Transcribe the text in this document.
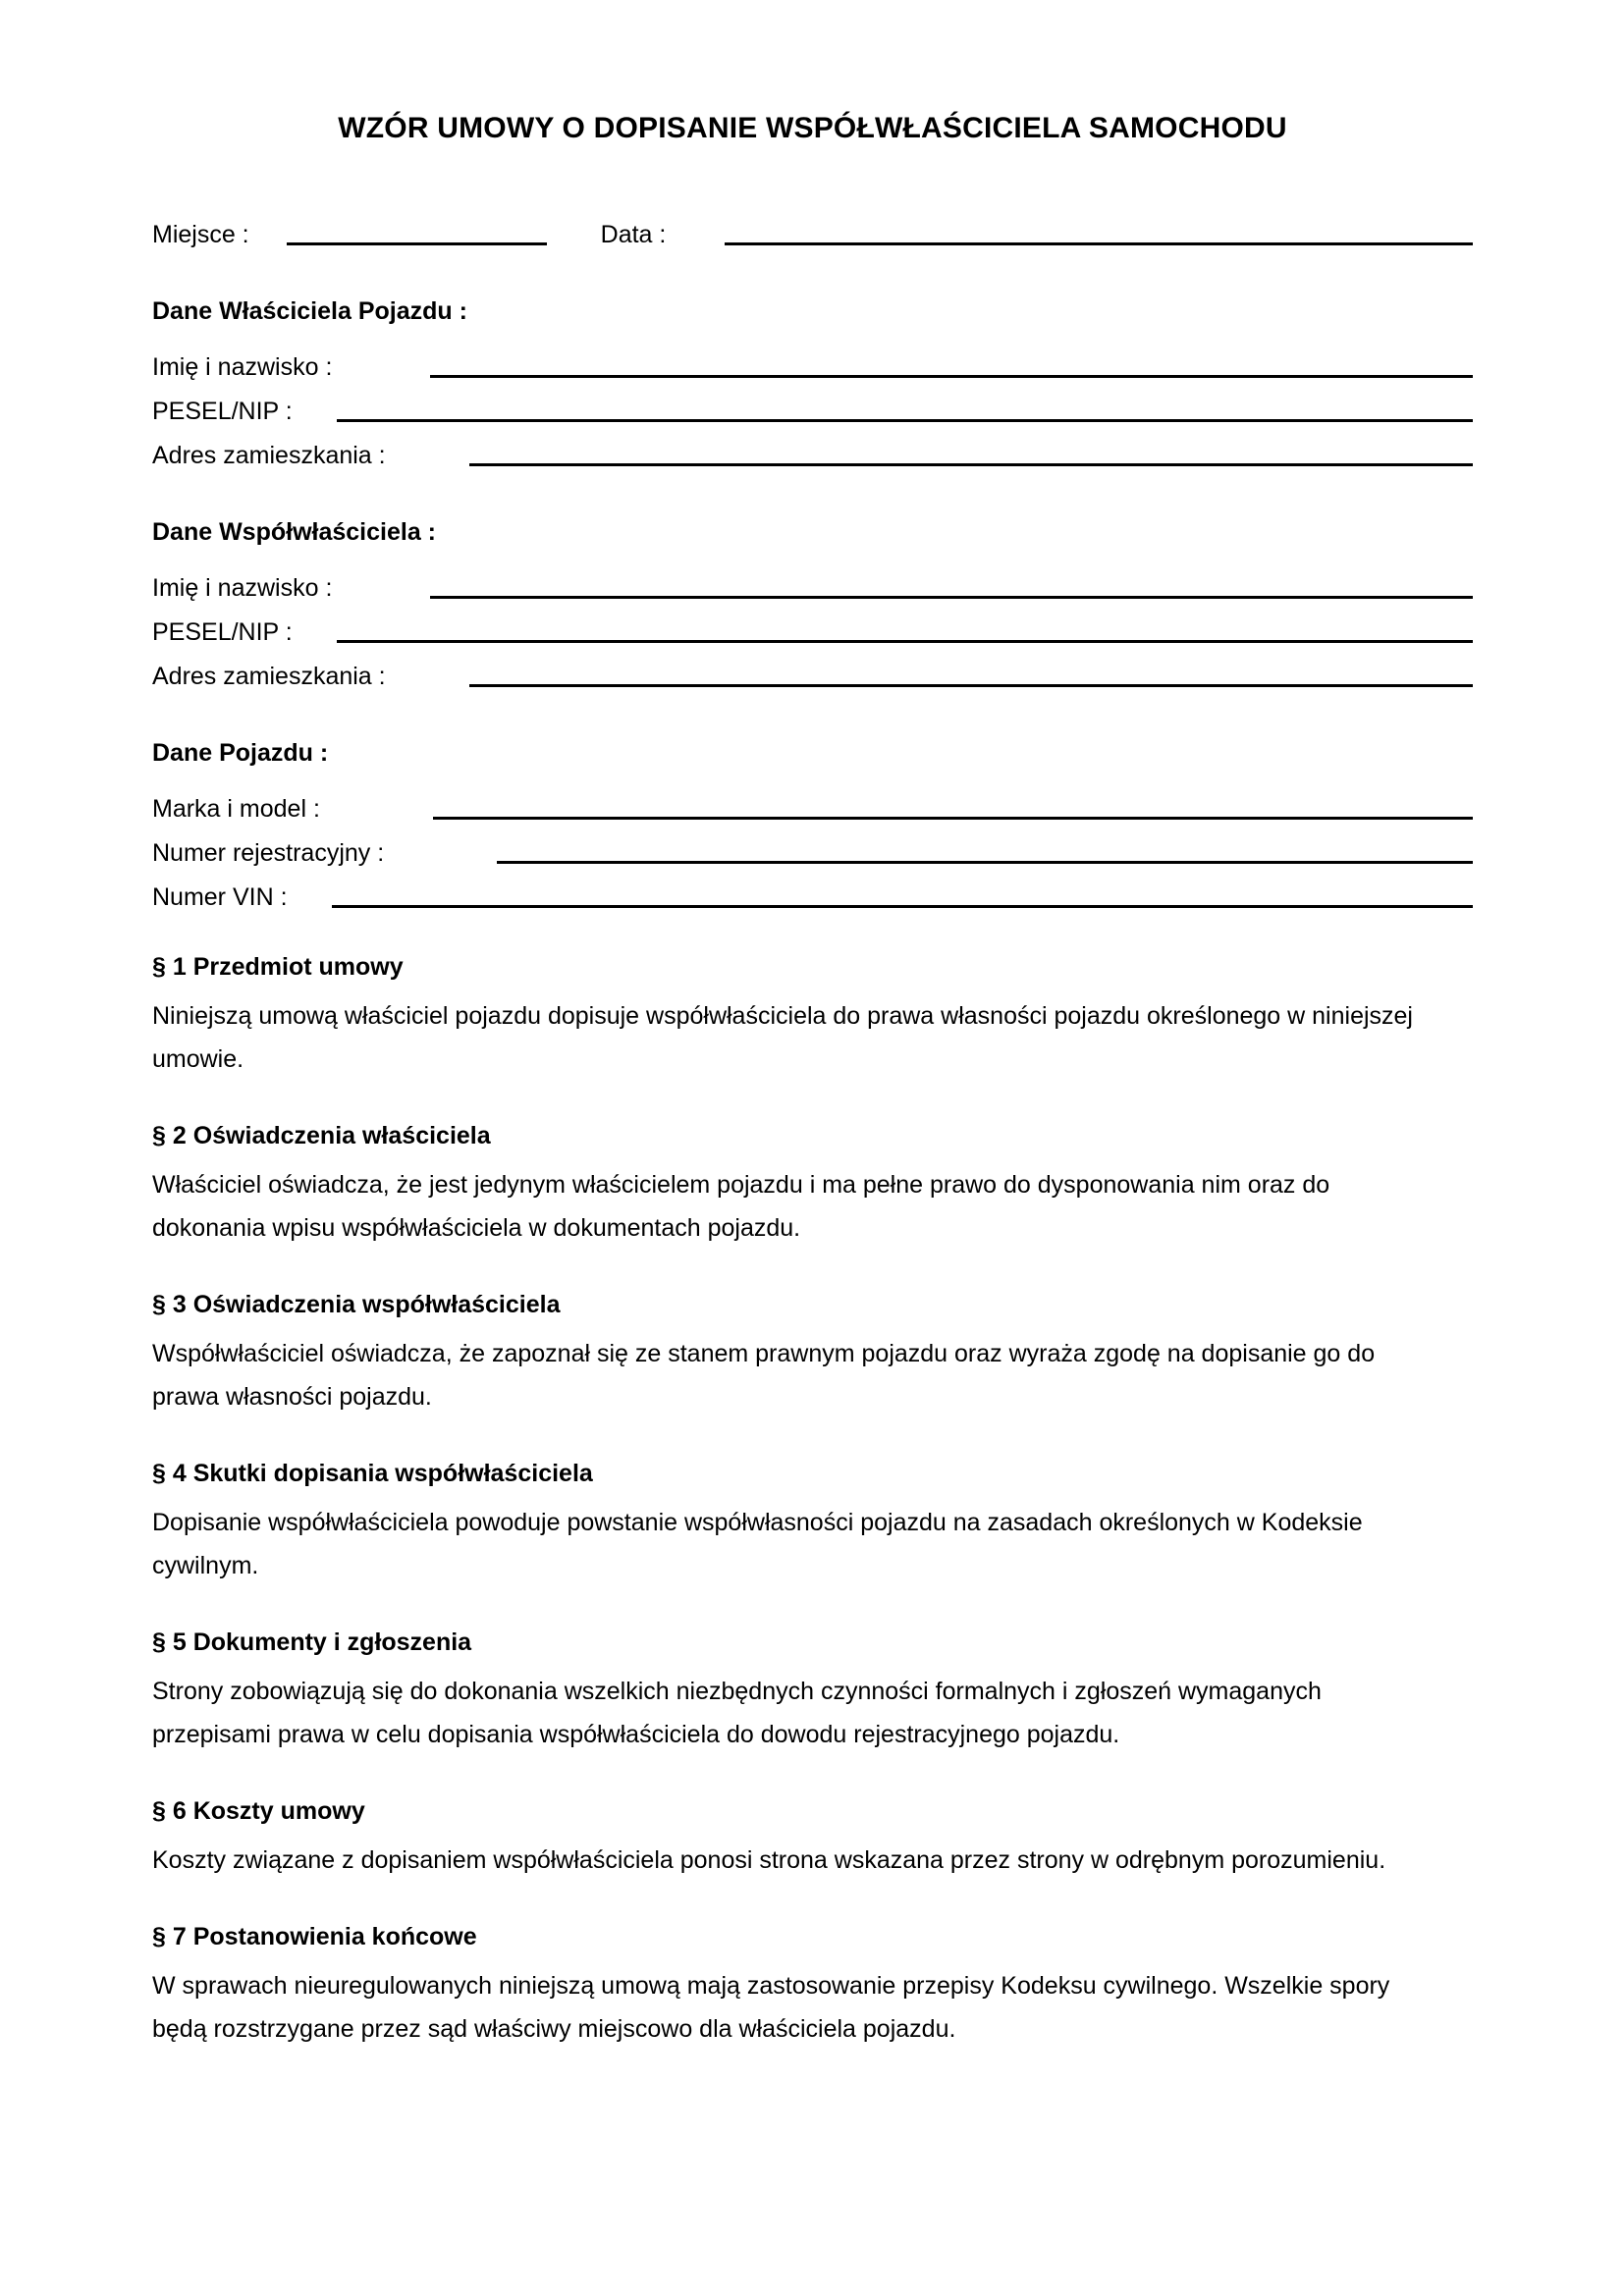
WZÓR UMOWY O DOPISANIE WSPÓŁWŁAŚCICIELA SAMOCHODU
Miejsce :	Data :
Dane Właściciela Pojazdu :
Imię i nazwisko :
PESEL/NIP :
Adres zamieszkania :
Dane Współwłaściciela :
Imię i nazwisko :
PESEL/NIP :
Adres zamieszkania :
Dane Pojazdu :
Marka i model :
Numer rejestracyjny :
Numer VIN :
§ 1 Przedmiot umowy

Niniejszą umową właściciel pojazdu dopisuje współwłaściciela do prawa własności pojazdu określonego w niniejszej umowie.

§ 2 Oświadczenia właściciela

Właściciel oświadcza, że jest jedynym właścicielem pojazdu i ma pełne prawo do dysponowania nim oraz do dokonania wpisu współwłaściciela w dokumentach pojazdu.

§ 3 Oświadczenia współwłaściciela

Współwłaściciel oświadcza, że zapoznał się ze stanem prawnym pojazdu oraz wyraża zgodę na dopisanie go do prawa własności pojazdu.

§ 4 Skutki dopisania współwłaściciela

Dopisanie współwłaściciela powoduje powstanie współwłasności pojazdu na zasadach określonych w Kodeksie cywilnym.

§ 5 Dokumenty i zgłoszenia

Strony zobowiązują się do dokonania wszelkich niezbędnych czynności formalnych i zgłoszeń wymaganych przepisami prawa w celu dopisania współwłaściciela do dowodu rejestracyjnego pojazdu.

§ 6 Koszty umowy

Koszty związane z dopisaniem współwłaściciela ponosi strona wskazana przez strony w odrębnym porozumieniu.

§ 7 Postanowienia końcowe

W sprawach nieuregulowanych niniejszą umową mają zastosowanie przepisy Kodeksu cywilnego. Wszelkie spory będą rozstrzygane przez sąd właściwy miejscowo dla właściciela pojazdu.
